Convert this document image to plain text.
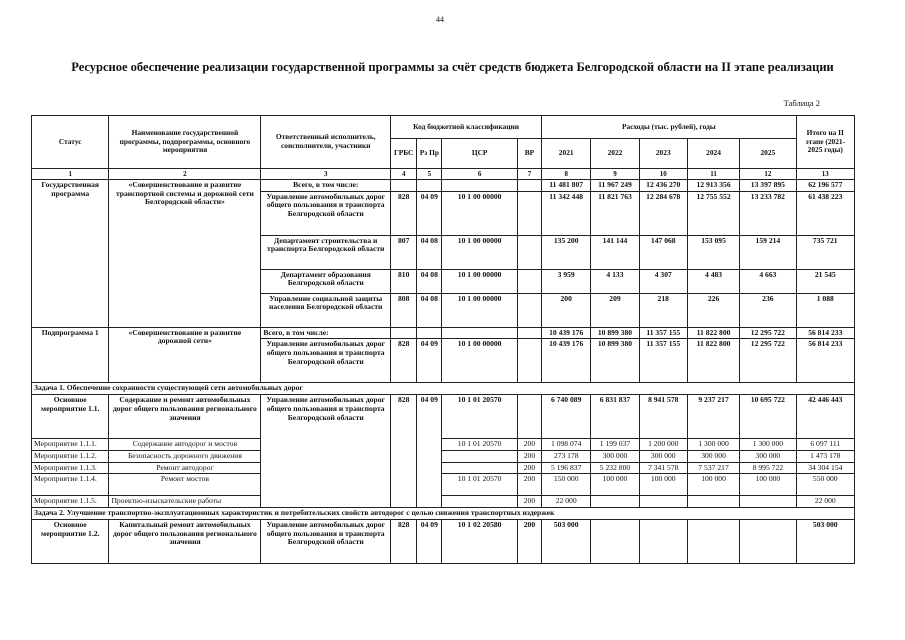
44
Ресурсное обеспечение реализации государственной программы за счёт средств бюджета Белгородской области на II этапе реализации
Таблица 2
Статус	Наименование государственной программы, подпрограммы, основного мероприятия	Ответственный исполнитель, соисполнители, участники	Код бюджетной классификации				Расходы (тыс. рублей), годы					Итого на II этапе (2021-2025 годы)
			ГРБС	Рз Пр	ЦСР	ВР	2021	2022	2023	2024	2025	
1	2	3	4	5	6	7	8	9	10	11	12	13
Государственная программа	«Совершенствование и развитие транспортной системы и дорожной сети Белгородской области»	Всего, в том числе:					11 481 807	11 967 249	12 436 270	12 913 356	13 397 895	62 196 577
		Управление автомобильных дорог общего пользования и транспорта Белгородской области	828	04 09	10 1 00 00000		11 342 448	11 821 763	12 284 678	12 755 552	13 233 782	61 438 223
		Департамент строительства и транспорта Белгородской области	807	04 08	10 1 00 00000		135 200	141 144	147 068	153 095	159 214	735 721
		Департамент образования Белгородской области	810	04 08	10 1 00 00000		3 959	4 133	4 307	4 483	4 663	21 545
		Управление социальной защиты населения Белгородской области	808	04 08	10 1 00 00000		200	209	218	226	236	1 088
Подпрограмма 1	«Совершенствование и развитие дорожной сети»	Всего, в том числе:					10 439 176	10 899 380	11 357 155	11 822 800	12 295 722	56 814 233
		Управление автомобильных дорог общего пользования и транспорта Белгородской области	828	04 09	10 1 00 00000		10 439 176	10 899 380	11 357 155	11 822 800	12 295 722	56 814 233
Задача 1. Обеспечение сохранности существующей сети автомобильных дорог												
Основное мероприятие 1.1.	Содержание и ремонт автомобильных дорог общего пользования регионального значения	Управление автомобильных дорог общего пользования и транспорта Белгородской области	828	04 09	10 1 01 20570		6 740 089	6 831 837	8 941 578	9 237 217	10 695 722	42 446 443
Мероприятие 1.1.1.	Содержание автодорог и мостов				10 1 01 20570	200	1 098 074	1 199 037	1 200 000	1 300 000	1 300 000	6 097 111
Мероприятие 1.1.2.	Безопасность дорожного движения					200	273 178	300 000	300 000	300 000	300 000	1 473 178
Мероприятие 1.1.3.	Ремонт автодорог					200	5 196 837	5 232 800	7 341 578	7 537 217	8 995 722	34 304 154
Мероприятие 1.1.4.	Ремонт мостов				10 1 01 20570	200	150 000	100 000	100 000	100 000	100 000	550 000
Мероприятие 1.1.5.	Проектно-изыскательские работы					200	22 000					22 000
Задача 2. Улучшение транспортно-эксплуатационных характеристик и потребительских свойств автодорог с целью снижения транспортных издержек												
Основное мероприятие 1.2.	Капитальный ремонт автомобильных дорог общего пользования регионального значения	Управление автомобильных дорог общего пользования и транспорта Белгородской области	828	04 09	10 1 02 20580	200	503 000					503 000
